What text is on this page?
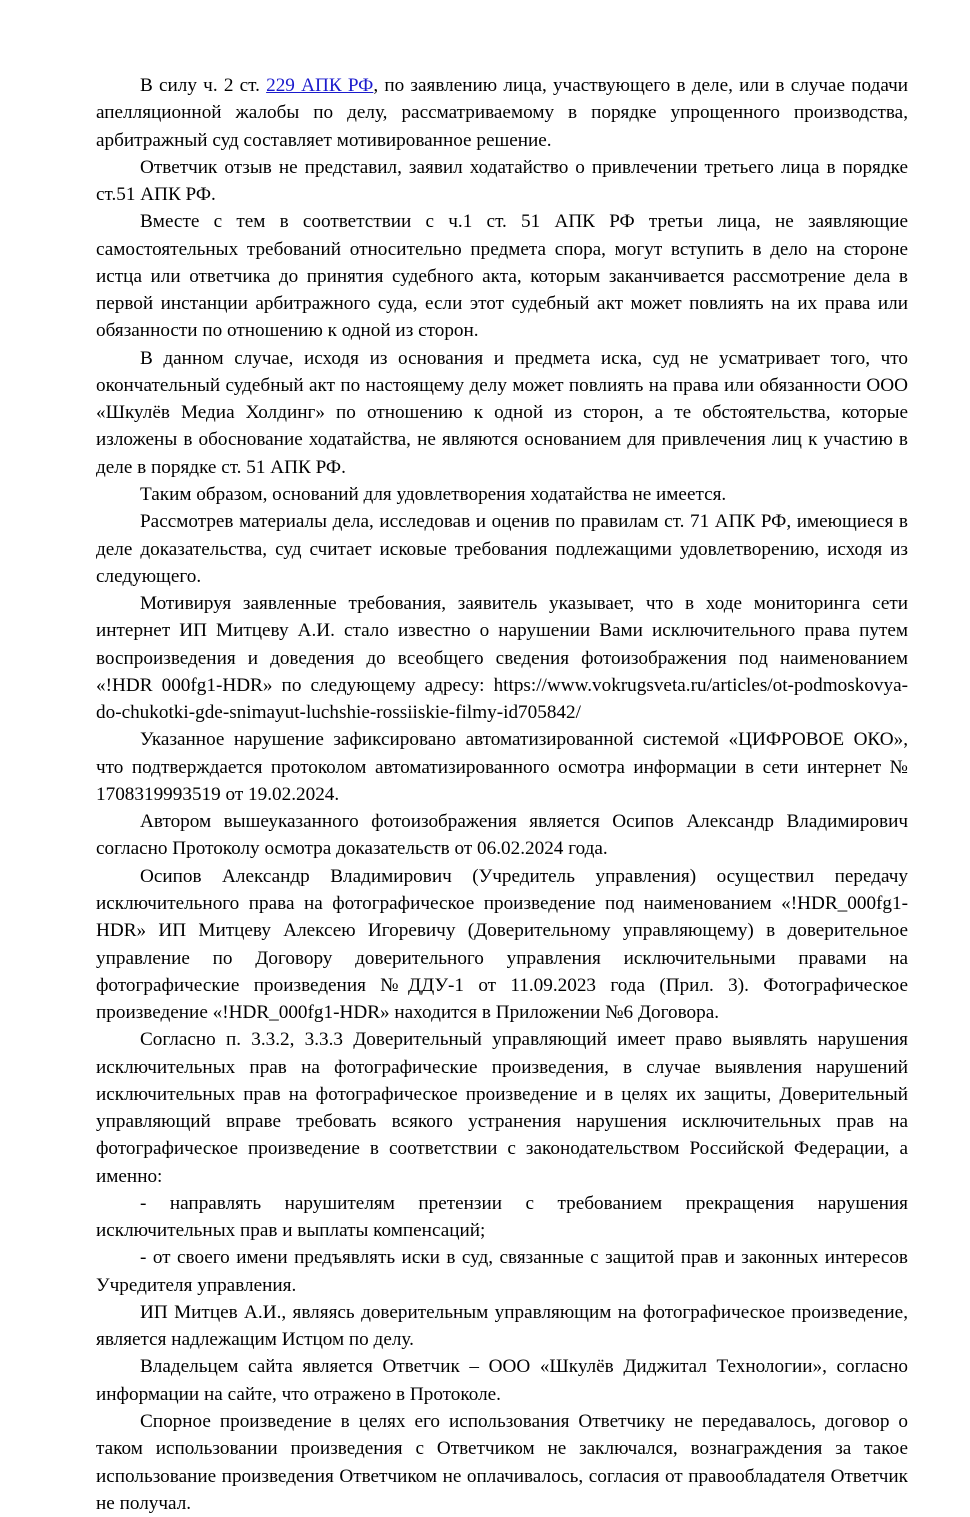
В силу ч. 2 ст. 229 АПК РФ, по заявлению лица, участвующего в деле, или в случае подачи апелляционной жалобы по делу, рассматриваемому в порядке упрощенного производства, арбитражный суд составляет мотивированное решение.

Ответчик отзыв не представил, заявил ходатайство о привлечении третьего лица в порядке ст.51 АПК РФ.

Вместе с тем в соответствии с ч.1 ст. 51 АПК РФ третьи лица, не заявляющие самостоятельных требований относительно предмета спора, могут вступить в дело на стороне истца или ответчика до принятия судебного акта, которым заканчивается рассмотрение дела в первой инстанции арбитражного суда, если этот судебный акт может повлиять на их права или обязанности по отношению к одной из сторон.

В данном случае, исходя из основания и предмета иска, суд не усматривает того, что окончательный судебный акт по настоящему делу может повлиять на права или обязанности ООО «Шкулёв Медиа Холдинг» по отношению к одной из сторон, а те обстоятельства, которые изложены в обоснование ходатайства, не являются основанием для привлечения лиц к участию в деле в порядке ст. 51 АПК РФ.

Таким образом, оснований для удовлетворения ходатайства не имеется.

Рассмотрев материалы дела, исследовав и оценив по правилам ст. 71 АПК РФ, имеющиеся в деле доказательства, суд считает исковые требования подлежащими удовлетворению, исходя из следующего.

Мотивируя заявленные требования, заявитель указывает, что в ходе мониторинга сети интернет ИП Митцеву А.И. стало известно о нарушении Вами исключительного права путем воспроизведения и доведения до всеобщего сведения фотоизображения под наименованием «!HDR 000fg1-HDR» по следующему адресу: https://www.vokrugsveta.ru/articles/ot-podmoskovya-do-chukotki-gde-snimayut-luchshie-rossiiskie-filmy-id705842/

Указанное нарушение зафиксировано автоматизированной системой «ЦИФРОВОЕ ОКО», что подтверждается протоколом автоматизированного осмотра информации в сети интернет № 1708319993519 от 19.02.2024.

Автором вышеуказанного фотоизображения является Осипов Александр Владимирович согласно Протоколу осмотра доказательств от 06.02.2024 года.

Осипов Александр Владимирович (Учредитель управления) осуществил передачу исключительного права на фотографическое произведение под наименованием «!HDR_000fg1-HDR» ИП Митцеву Алексею Игоревичу (Доверительному управляющему) в доверительное управление по Договору доверительного управления исключительными правами на фотографические произведения №ДДУ-1 от 11.09.2023 года (Прил. 3). Фотографическое произведение «!HDR_000fg1-HDR» находится в Приложении №6 Договора.

Согласно п. 3.3.2, 3.3.3 Доверительный управляющий имеет право выявлять нарушения исключительных прав на фотографические произведения, в случае выявления нарушений исключительных прав на фотографическое произведение и в целях их защиты, Доверительный управляющий вправе требовать всякого устранения нарушения исключительных прав на фотографическое произведение в соответствии с законодательством Российской Федерации, а именно:

- направлять нарушителям претензии с требованием прекращения нарушения исключительных прав и выплаты компенсаций;

- от своего имени предъявлять иски в суд, связанные с защитой прав и законных интересов Учредителя управления.

ИП Митцев А.И., являясь доверительным управляющим на фотографическое произведение, является надлежащим Истцом по делу.

Владельцем сайта является Ответчик – ООО «Шкулёв Диджитал Технологии», согласно информации на сайте, что отражено в Протоколе.

Спорное произведение в целях его использования Ответчику не передавалось, договор о таком использовании произведения с Ответчиком не заключался, вознаграждения за такое использование произведения Ответчиком не оплачивалось, согласия от правообладателя Ответчик не получал.
